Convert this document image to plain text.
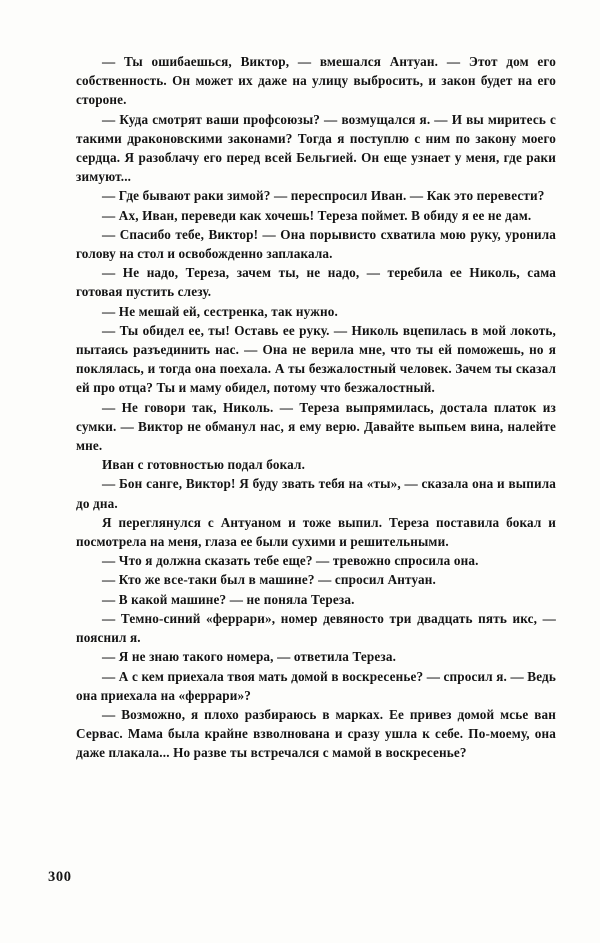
— Ты ошибаешься, Виктор, — вмешался Антуан. — Этот дом его собственность. Он может их даже на улицу выбросить, и закон будет на его стороне.

— Куда смотрят ваши профсоюзы? — возмущался я. — И вы миритесь с такими драконовскими законами? Тогда я поступлю с ним по закону моего сердца. Я разоблачу его перед всей Бельгией. Он еще узнает у меня, где раки зимуют...

— Где бывают раки зимой? — переспросил Иван. — Как это перевести?

— Ах, Иван, переведи как хочешь! Тереза поймет. В обиду я ее не дам.

— Спасибо тебе, Виктор! — Она порывисто схватила мою руку, уронила голову на стол и освобожденно заплакала.

— Не надо, Тереза, зачем ты, не надо, — теребила ее Николь, сама готовая пустить слезу.

— Не мешай ей, сестренка, так нужно.

— Ты обидел ее, ты! Оставь ее руку. — Николь вцепилась в мой локоть, пытаясь разъединить нас. — Она не верила мне, что ты ей поможешь, но я поклялась, и тогда она поехала. А ты безжалостный человек. Зачем ты сказал ей про отца? Ты и маму обидел, потому что безжалостный.

— Не говори так, Николь. — Тереза выпрямилась, достала платок из сумки. — Виктор не обманул нас, я ему верю. Давайте выпьем вина, налейте мне.

Иван с готовностью подал бокал.

— Бон санге, Виктор! Я буду звать тебя на «ты», — сказала она и выпила до дна.

Я переглянулся с Антуаном и тоже выпил. Тереза поставила бокал и посмотрела на меня, глаза ее были сухими и решительными.

— Что я должна сказать тебе еще? — тревожно спросила она.

— Кто же все-таки был в машине? — спросил Антуан.

— В какой машине? — не поняла Тереза.

— Темно-синий «феррари», номер девяносто три двадцать пять икс, — пояснил я.

— Я не знаю такого номера, — ответила Тереза.

— А с кем приехала твоя мать домой в воскресенье? — спросил я. — Ведь она приехала на «феррари»?

— Возможно, я плохо разбираюсь в марках. Ее привез домой мсье ван Сервас. Мама была крайне взволнована и сразу ушла к себе. По-моему, она даже плакала... Но разве ты встречался с мамой в воскресенье?

300
